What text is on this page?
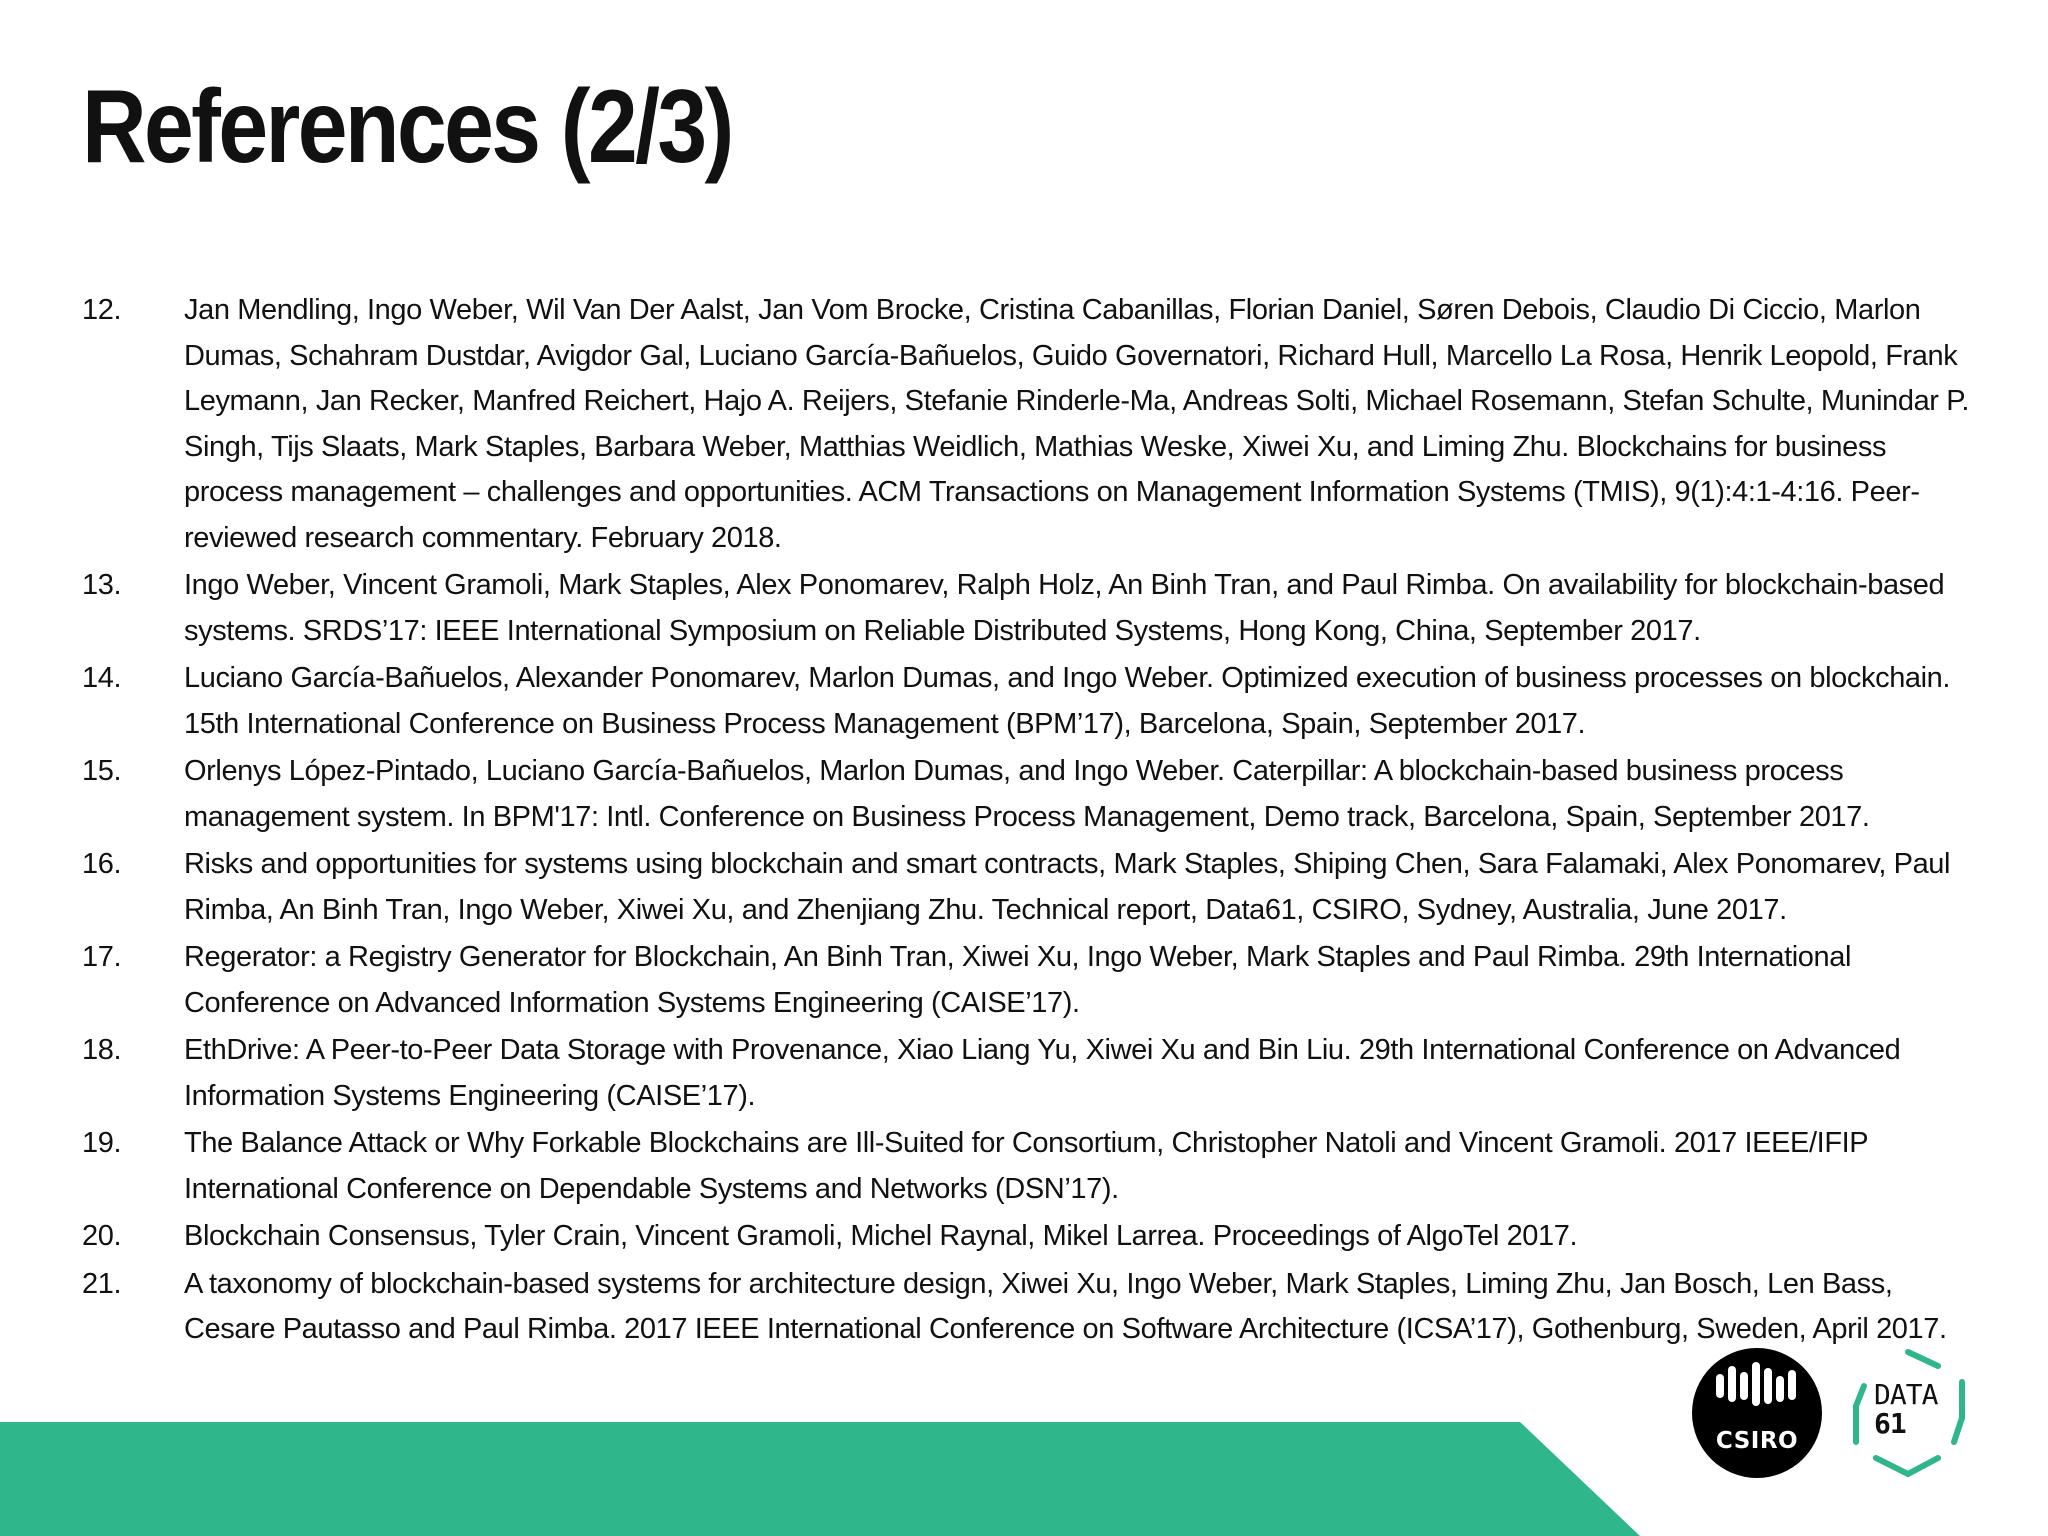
References (2/3)
12.	Jan Mendling, Ingo Weber, Wil Van Der Aalst, Jan Vom Brocke, Cristina Cabanillas, Florian Daniel, Søren Debois, Claudio Di Ciccio, Marlon Dumas, Schahram Dustdar, Avigdor Gal, Luciano García-Bañuelos, Guido Governatori, Richard Hull, Marcello La Rosa, Henrik Leopold, Frank Leymann, Jan Recker, Manfred Reichert, Hajo A. Reijers, Stefanie Rinderle-Ma, Andreas Solti, Michael Rosemann, Stefan Schulte, Munindar P. Singh, Tijs Slaats, Mark Staples, Barbara Weber, Matthias Weidlich, Mathias Weske, Xiwei Xu, and Liming Zhu. Blockchains for business process management – challenges and opportunities. ACM Transactions on Management Information Systems (TMIS), 9(1):4:1-4:16. Peer-reviewed research commentary. February 2018.
13.	Ingo Weber, Vincent Gramoli, Mark Staples, Alex Ponomarev, Ralph Holz, An Binh Tran, and Paul Rimba. On availability for blockchain-based systems. SRDS’17: IEEE International Symposium on Reliable Distributed Systems, Hong Kong, China, September 2017.
14.	Luciano García-Bañuelos, Alexander Ponomarev, Marlon Dumas, and Ingo Weber. Optimized execution of business processes on blockchain. 15th International Conference on Business Process Management (BPM’17), Barcelona, Spain, September 2017.
15.	Orlenys López-Pintado, Luciano García-Bañuelos, Marlon Dumas, and Ingo Weber. Caterpillar: A blockchain-based business process management system. In BPM'17: Intl. Conference on Business Process Management, Demo track, Barcelona, Spain, September 2017.
16.	Risks and opportunities for systems using blockchain and smart contracts, Mark Staples, Shiping Chen, Sara Falamaki, Alex Ponomarev, Paul Rimba, An Binh Tran, Ingo Weber, Xiwei Xu, and Zhenjiang Zhu. Technical report, Data61, CSIRO, Sydney, Australia, June 2017.
17.	Regerator: a Registry Generator for Blockchain, An Binh Tran, Xiwei Xu, Ingo Weber, Mark Staples and Paul Rimba. 29th International Conference on Advanced Information Systems Engineering (CAISE’17).
18.	EthDrive: A Peer-to-Peer Data Storage with Provenance, Xiao Liang Yu, Xiwei Xu and Bin Liu. 29th International Conference on Advanced Information Systems Engineering (CAISE’17).
19.	The Balance Attack or Why Forkable Blockchains are Ill-Suited for Consortium, Christopher Natoli and Vincent Gramoli. 2017 IEEE/IFIP International Conference on Dependable Systems and Networks (DSN’17).
20.	Blockchain Consensus, Tyler Crain, Vincent Gramoli, Michel Raynal, Mikel Larrea. Proceedings of AlgoTel 2017.
21.	A taxonomy of blockchain-based systems for architecture design, Xiwei Xu, Ingo Weber, Mark Staples, Liming Zhu, Jan Bosch, Len Bass, Cesare Pautasso and Paul Rimba. 2017 IEEE International Conference on Software Architecture (ICSA’17), Gothenburg, Sweden, April 2017.
CSIRO
DATA
61
